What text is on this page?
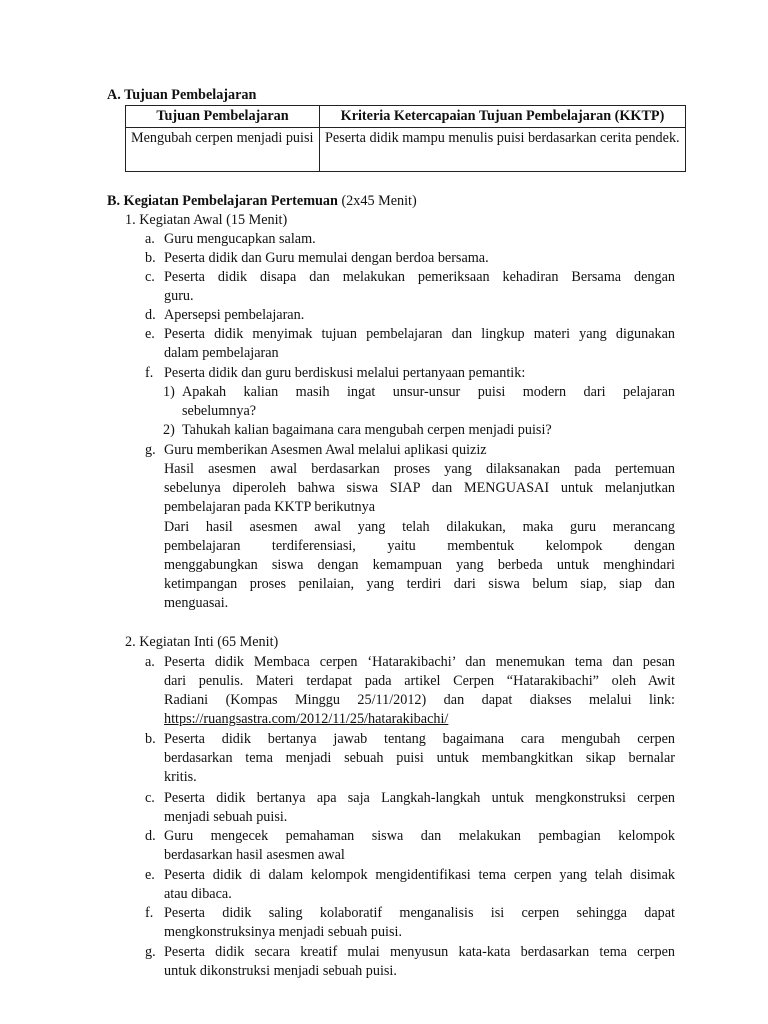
A. Tujuan Pembelajaran
Tujuan Pembelajaran	Kriteria Ketercapaian Tujuan Pembelajaran (KKTP)
Mengubah cerpen menjadi puisi	Peserta didik mampu menulis puisi berdasarkan cerita pendek.
B. Kegiatan Pembelajaran Pertemuan (2x45 Menit)
1. Kegiatan Awal (15 Menit)
a. Guru mengucapkan salam.
b. Peserta didik dan Guru memulai dengan berdoa bersama.
c. Peserta didik disapa dan melakukan pemeriksaan kehadiran Bersama dengan
guru.
d. Apersepsi pembelajaran.
e. Peserta didik menyimak tujuan pembelajaran dan lingkup materi yang digunakan
dalam pembelajaran
f. Peserta didik dan guru berdiskusi melalui pertanyaan pemantik:
1) Apakah kalian masih ingat unsur-unsur puisi modern dari pelajaran
sebelumnya?
2) Tahukah kalian bagaimana cara mengubah cerpen menjadi puisi?
g. Guru memberikan Asesmen Awal melalui aplikasi quiziz
Hasil asesmen awal berdasarkan proses yang dilaksanakan pada pertemuan
sebelunya diperoleh bahwa siswa SIAP dan MENGUASAI untuk melanjutkan
pembelajaran pada KKTP berikutnya
Dari hasil asesmen awal yang telah dilakukan, maka guru merancang
pembelajaran terdiferensiasi, yaitu membentuk kelompok dengan
menggabungkan siswa dengan kemampuan yang berbeda untuk menghindari
ketimpangan proses penilaian, yang terdiri dari siswa belum siap, siap dan
menguasai.
2. Kegiatan Inti (65 Menit)
a. Peserta didik Membaca cerpen ‘Hatarakibachi’ dan menemukan tema dan pesan
dari penulis. Materi terdapat pada artikel Cerpen “Hatarakibachi” oleh Awit
Radiani (Kompas Minggu 25/11/2012) dan dapat diakses melalui link:
https://ruangsastra.com/2012/11/25/hatarakibachi/
b. Peserta didik bertanya jawab tentang bagaimana cara mengubah cerpen
berdasarkan tema menjadi sebuah puisi untuk membangkitkan sikap bernalar
kritis.
c. Peserta didik bertanya apa saja Langkah-langkah untuk mengkonstruksi cerpen
menjadi sebuah puisi.
d. Guru mengecek pemahaman siswa dan melakukan pembagian kelompok
berdasarkan hasil asesmen awal
e. Peserta didik di dalam kelompok mengidentifikasi tema cerpen yang telah disimak
atau dibaca.
f. Peserta didik saling kolaboratif menganalisis isi cerpen sehingga dapat
mengkonstruksinya menjadi sebuah puisi.
g. Peserta didik secara kreatif mulai menyusun kata-kata berdasarkan tema cerpen
untuk dikonstruksi menjadi sebuah puisi.
